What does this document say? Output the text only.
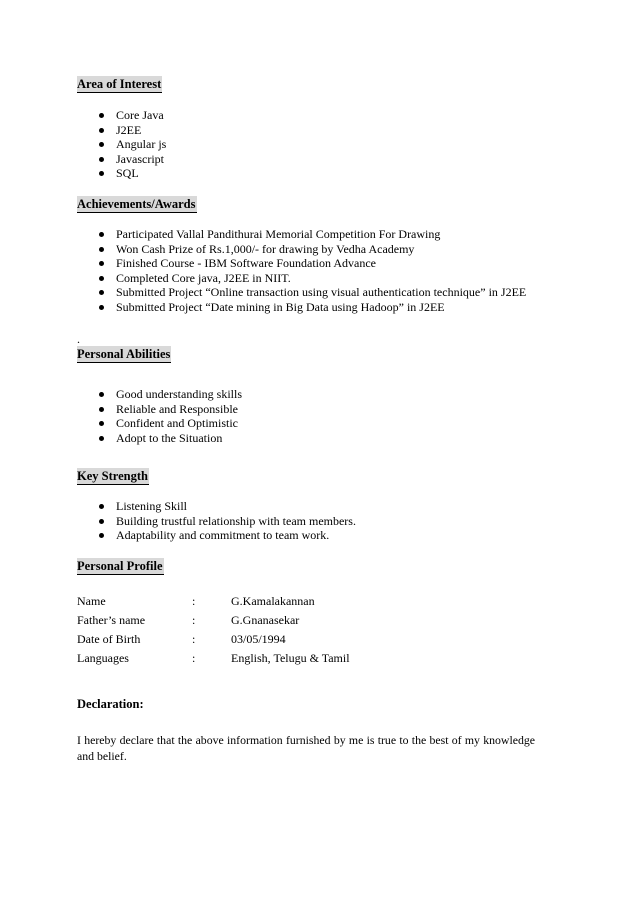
Area of Interest
Core Java
J2EE
Angular js
Javascript
SQL
Achievements/Awards
Participated Vallal Pandithurai Memorial Competition For Drawing
Won Cash Prize of Rs.1,000/- for drawing by Vedha Academy
Finished Course - IBM Software Foundation Advance
Completed Core java, J2EE in NIIT.
Submitted Project “Online transaction using visual authentication technique” in J2EE
Submitted Project “Date mining in Big Data using Hadoop” in J2EE
.
Personal Abilities
Good understanding skills
Reliable and Responsible
Confident and Optimistic
Adopt to the Situation
Key Strength
Listening Skill
Building trustful relationship with team members.
Adaptability and commitment to team work.
Personal Profile
Name	:	G.Kamalakannan
Father’s name	:	G.Gnanasekar
Date of Birth	:	03/05/1994
Languages	:	English, Telugu & Tamil
Declaration:
I hereby declare that the above information furnished by me is true to the best of my knowledge and belief.
